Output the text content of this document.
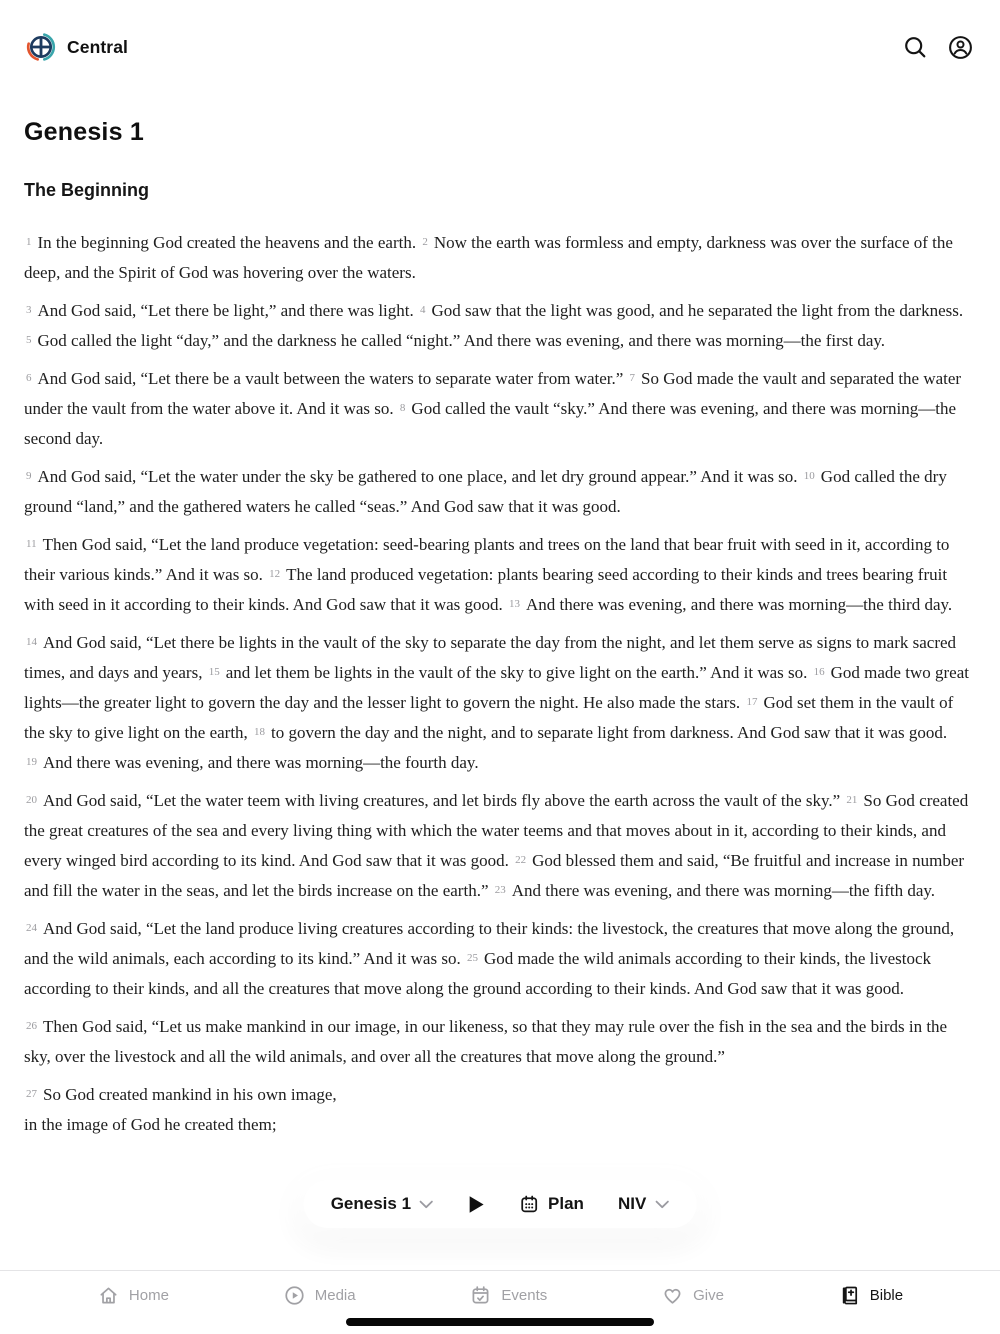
Central
Genesis 1
The Beginning

$^1$ In the beginning God created the heavens and the earth. $^2$ Now the earth was formless and empty, darkness was over the surface of the deep, and the Spirit of God was hovering over the waters.

$^3$ And God said, “Let there be light,” and there was light. $^4$ God saw that the light was good, and he separated the light from the darkness. $^5$ God called the light “day,” and the darkness he called “night.” And there was evening, and there was morning—the first day.

$^6$ And God said, “Let there be a vault between the waters to separate water from water.” $^7$ So God made the vault and separated the water under the vault from the water above it. And it was so. $^8$ God called the vault “sky.” And there was evening, and there was morning—the second day.

$^9$ And God said, “Let the water under the sky be gathered to one place, and let dry ground appear.” And it was so. $^{10}$ God called the dry ground “land,” and the gathered waters he called “seas.” And God saw that it was good.

$^{11}$ Then God said, “Let the land produce vegetation: seed-bearing plants and trees on the land that bear fruit with seed in it, according to their various kinds.” And it was so. $^{12}$ The land produced vegetation: plants bearing seed according to their kinds and trees bearing fruit with seed in it according to their kinds. And God saw that it was good. $^{13}$ And there was evening, and there was morning—the third day.

$^{14}$ And God said, “Let there be lights in the vault of the sky to separate the day from the night, and let them serve as signs to mark sacred times, and days and years, $^{15}$ and let them be lights in the vault of the sky to give light on the earth.” And it was so. $^{16}$ God made two great lights—the greater light to govern the day and the lesser light to govern the night. He also made the stars. $^{17}$ God set them in the vault of the sky to give light on the earth, $^{18}$ to govern the day and the night, and to separate light from darkness. And God saw that it was good. $^{19}$ And there was evening, and there was morning—the fourth day.

$^{20}$ And God said, “Let the water teem with living creatures, and let birds fly above the earth across the vault of the sky.” $^{21}$ So God created the great creatures of the sea and every living thing with which the water teems and that moves about in it, according to their kinds, and every winged bird according to its kind. And God saw that it was good. $^{22}$ God blessed them and said, “Be fruitful and increase in number and fill the water in the seas, and let the birds increase on the earth.” $^{23}$ And there was evening, and there was morning—the fifth day.

$^{24}$ And God said, “Let the land produce living creatures according to their kinds: the livestock, the creatures that move along the ground, and the wild animals, each according to its kind.” And it was so. $^{25}$ God made the wild animals according to their kinds, the livestock according to their kinds, and all the creatures that move along the ground according to their kinds. And God saw that it was good.

$^{26}$ Then God said, “Let us make mankind in our image, in our likeness, so that they may rule over the fish in the sea and the birds in the sky, over the livestock and all the wild animals, and over all the creatures that move along the ground.”

$^{27}$ So God created mankind in his own image,
in the image of God he created them;

Genesis 1	Plan NIV
Home	Media	Events	Give	Bible
